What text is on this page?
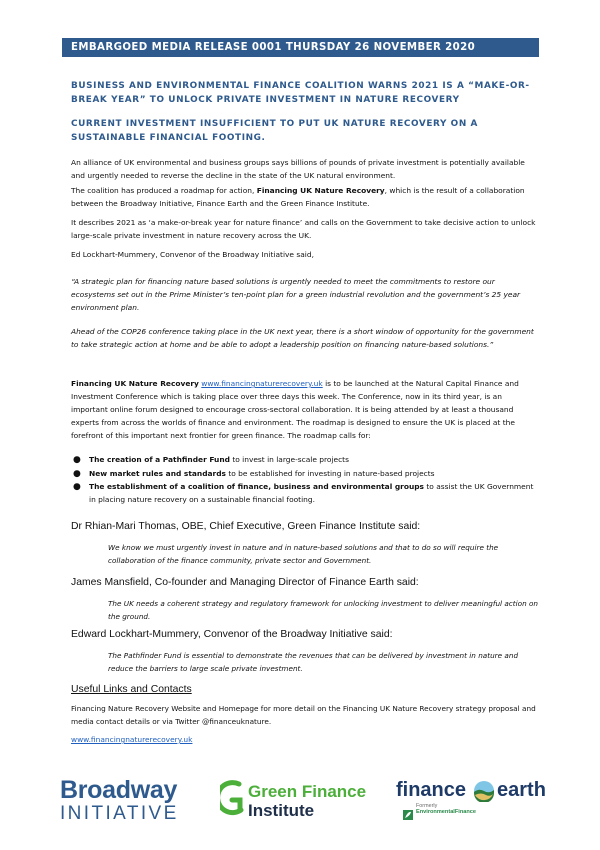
EMBARGOED MEDIA RELEASE 0001 THURSDAY 26 NOVEMBER 2020
BUSINESS AND ENVIRONMENTAL FINANCE COALITION WARNS 2021 IS A “MAKE-OR-BREAK YEAR” TO UNLOCK PRIVATE INVESTMENT IN NATURE RECOVERY
CURRENT INVESTMENT INSUFFICIENT TO PUT UK NATURE RECOVERY ON A SUSTAINABLE FINANCIAL FOOTING.
An alliance of UK environmental and business groups says billions of pounds of private investment is potentially available and urgently needed to reverse the decline in the state of the UK natural environment.
The coalition has produced a roadmap for action, Financing UK Nature Recovery, which is the result of a collaboration between the Broadway Initiative, Finance Earth and the Green Finance Institute.
It describes 2021 as ‘a make-or-break year for nature finance’ and calls on the Government to take decisive action to unlock large-scale private investment in nature recovery across the UK.
Ed Lockhart-Mummery, Convenor of the Broadway Initiative said,
“A strategic plan for financing nature based solutions is urgently needed to meet the commitments to restore our ecosystems set out in the Prime Minister’s ten-point plan for a green industrial revolution and the government’s 25 year environment plan.
Ahead of the COP26 conference taking place in the UK next year, there is a short window of opportunity for the government to take strategic action at home and be able to adopt a leadership position on financing nature-based solutions.”
Financing UK Nature Recovery www.financingnaturerecovery.uk is to be launched at the Natural Capital Finance and Investment Conference which is taking place over three days this week. The Conference, now in its third year, is an important online forum designed to encourage cross-sectoral collaboration. It is being attended by at least a thousand experts from across the worlds of finance and environment. The roadmap is designed to ensure the UK is placed at the forefront of this important next frontier for green finance. The roadmap calls for:
● The creation of a Pathfinder Fund to invest in large-scale projects
● New market rules and standards to be established for investing in nature-based projects
● The establishment of a coalition of finance, business and environmental groups to assist the UK Government in placing nature recovery on a sustainable financial footing.
Dr Rhian-Mari Thomas, OBE, Chief Executive, Green Finance Institute said:
We know we must urgently invest in nature and in nature-based solutions and that to do so will require the collaboration of the finance community, private sector and Government.
James Mansfield, Co-founder and Managing Director of Finance Earth said:
The UK needs a coherent strategy and regulatory framework for unlocking investment to deliver meaningful action on the ground.
Edward Lockhart-Mummery, Convenor of the Broadway Initiative said:
The Pathfinder Fund is essential to demonstrate the revenues that can be delivered by investment in nature and reduce the barriers to large scale private investment.
Useful Links and Contacts
Financing Nature Recovery Website and Homepage for more detail on the Financing UK Nature Recovery strategy proposal and media contact details or via Twitter @financeuknature.
www.financingnaturerecovery.uk
Broadway
INITIATIVE
Green Finance
Institute
finance earth
Formerly
EnvironmentalFinance
